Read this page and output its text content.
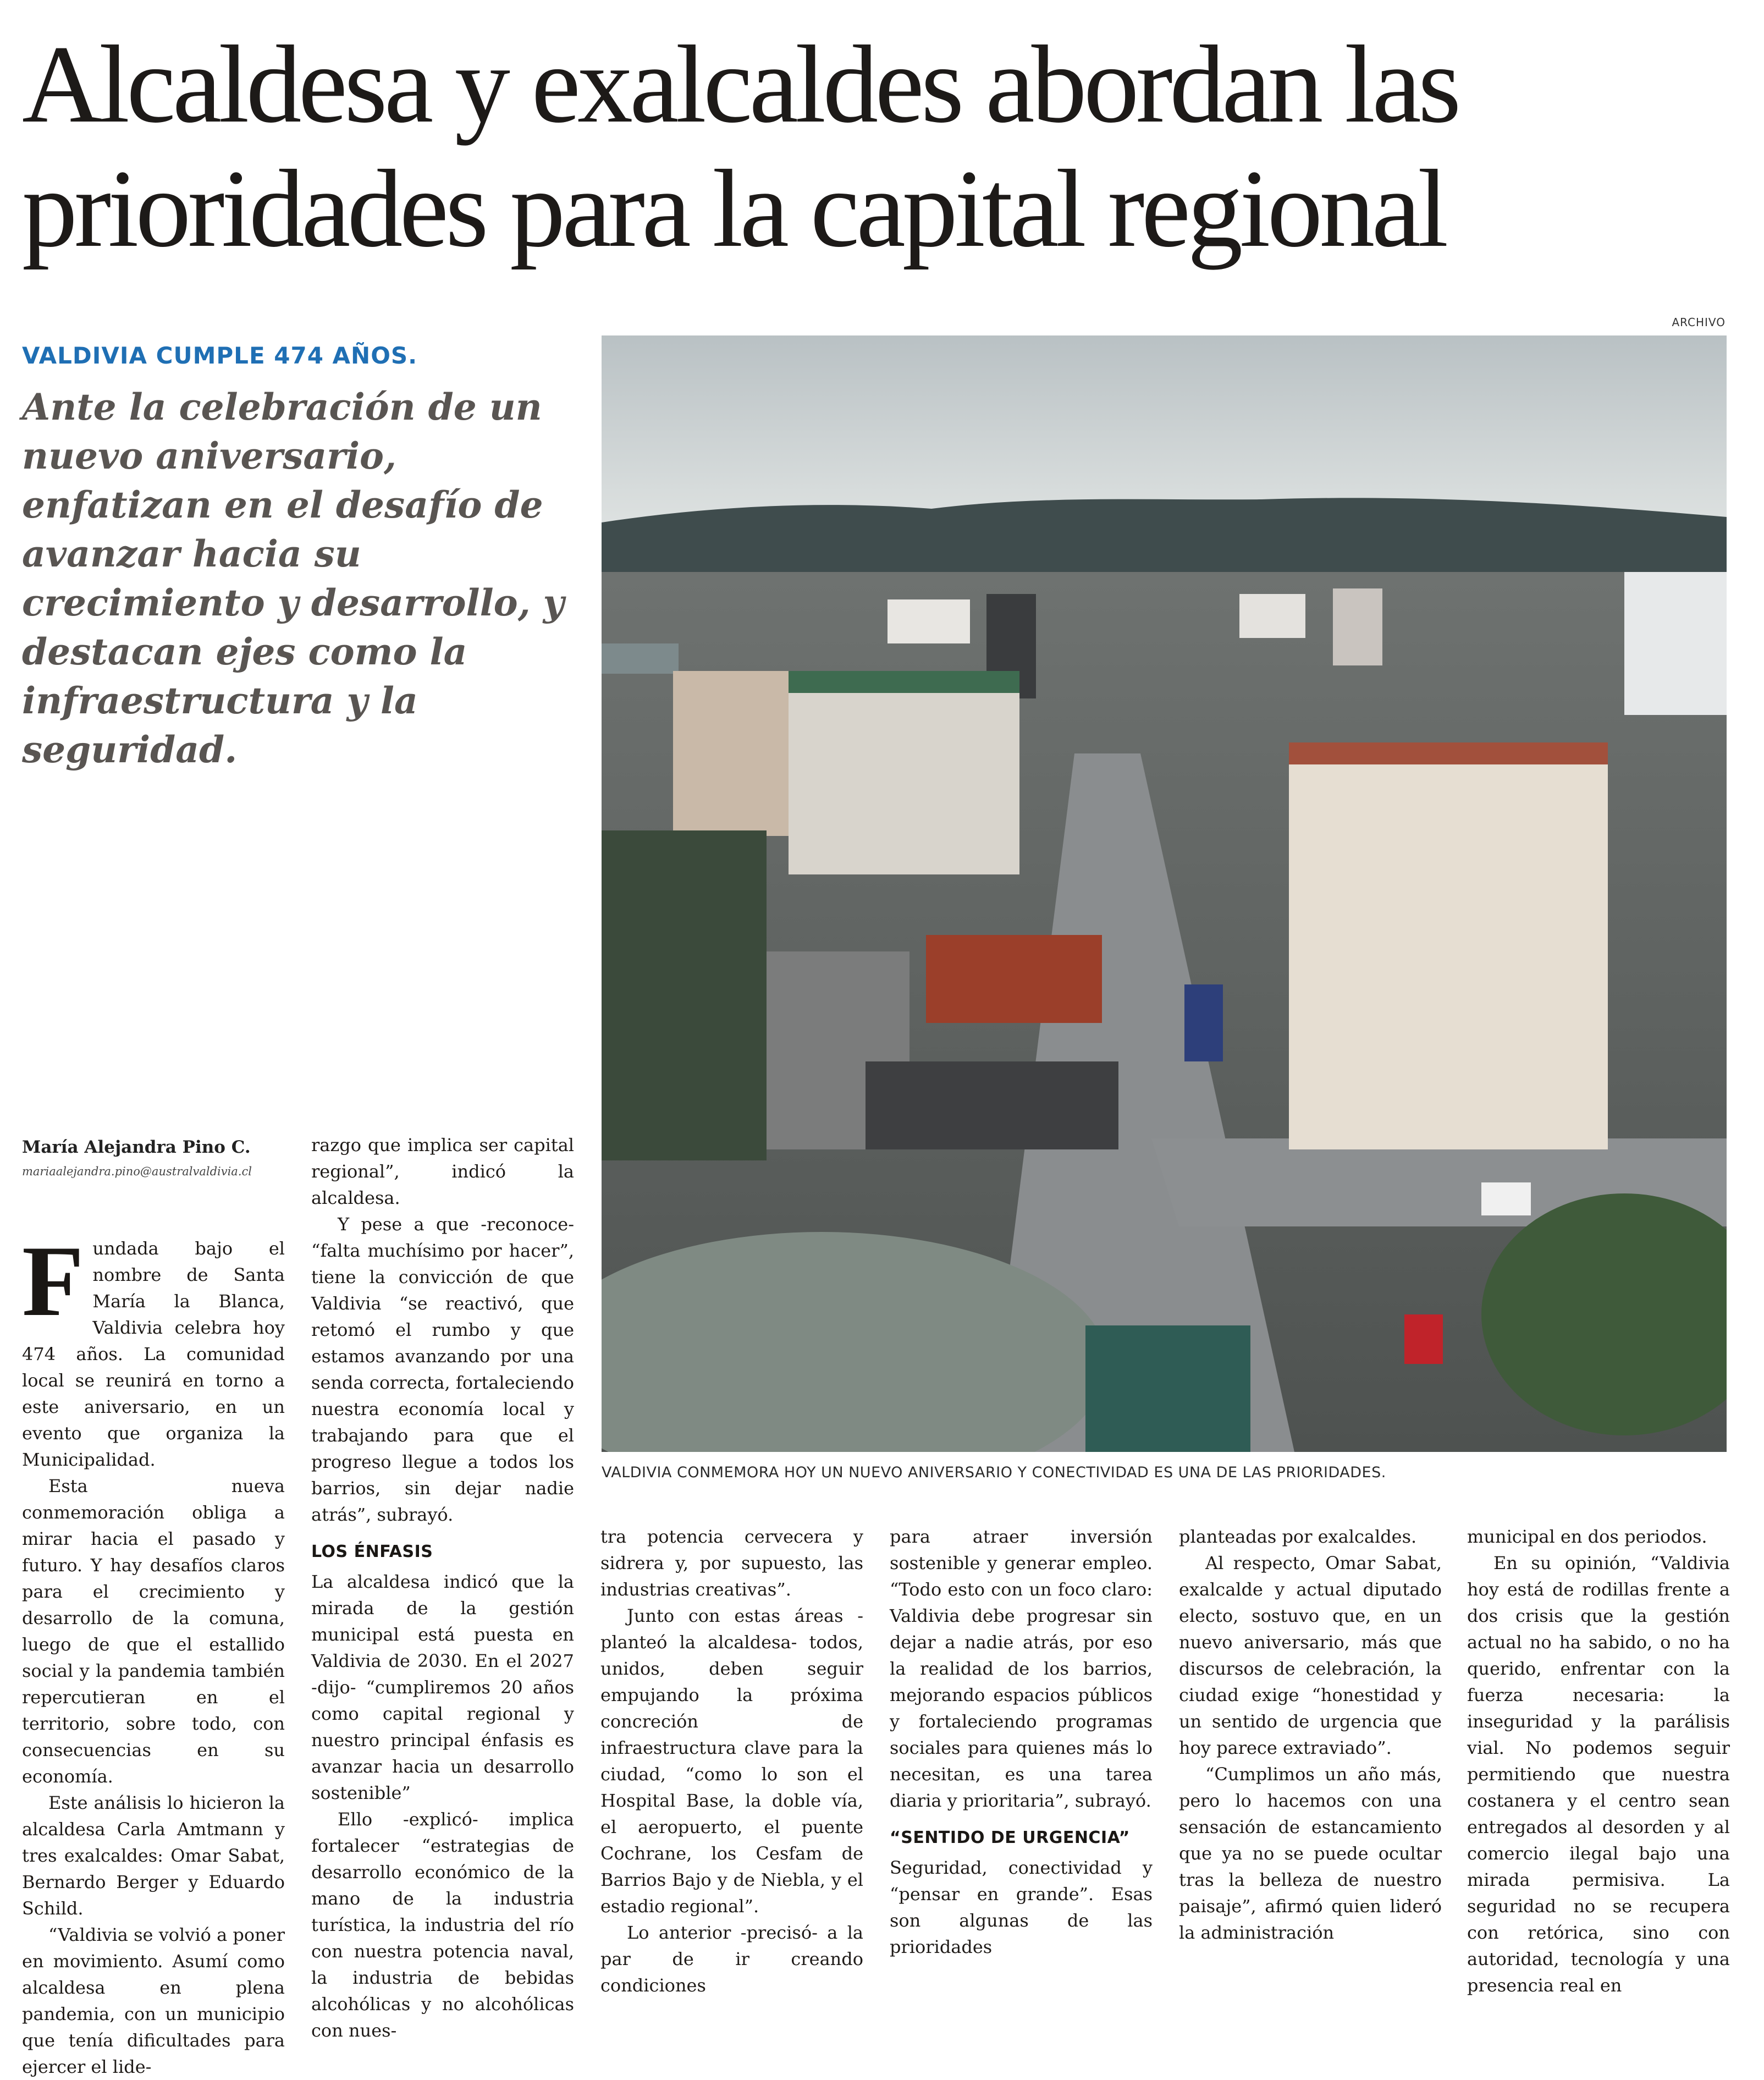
Alcaldesa y exalcaldes abordan las prioridades para la capital regional

VALDIVIA CUMPLE 474 AÑOS.

Ante la celebración de un nuevo aniversario, enfatizan en el desafío de avanzar hacia su crecimiento y desarrollo, y destacan ejes como la infraestructura y la seguridad.

ARCHIVO

VALDIVIA CONMEMORA HOY UN NUEVO ANIVERSARIO Y CONECTIVIDAD ES UNA DE LAS PRIORIDADES.

María Alejandra Pino C.

mariaalejandra.pino@australvaldivia.cl

Fundada bajo el nombre de Santa María la Blanca, Valdivia celebra hoy 474 años. La comunidad local se reunirá en torno a este aniversario, en un evento que organiza la Municipalidad.

Esta nueva conmemoración obliga a mirar hacia el pasado y futuro. Y hay desafíos claros para el crecimiento y desarrollo de la comuna, luego de que el estallido social y la pandemia también repercutieran en el territorio, sobre todo, con consecuencias en su economía.

Este análisis lo hicieron la alcaldesa Carla Amtmann y tres exalcaldes: Omar Sabat, Bernardo Berger y Eduardo Schild.

“Valdivia se volvió a poner en movimiento. Asumí como alcaldesa en plena pandemia, con un municipio que tenía dificultades para ejercer el lide-

razgo que implica ser capital regional”, indicó la alcaldesa.

Y pese a que -reconoce- “falta muchísimo por hacer”, tiene la convicción de que Valdivia “se reactivó, que retomó el rumbo y que estamos avanzando por una senda correcta, fortaleciendo nuestra economía local y trabajando para que el progreso llegue a todos los barrios, sin dejar nadie atrás”, subrayó.

LOS ÉNFASIS

La alcaldesa indicó que la mirada de la gestión municipal está puesta en Valdivia de 2030. En el 2027 -dijo- “cumpliremos 20 años como capital regional y nuestro principal énfasis es avanzar hacia un desarrollo sostenible”

Ello -explicó- implica fortalecer “estrategias de desarrollo económico de la mano de la industria turística, la industria del río con nuestra potencia naval, la industria de bebidas alcohólicas y no alcohólicas con nues-

tra potencia cervecera y sidrera y, por supuesto, las industrias creativas”.

Junto con estas áreas -planteó la alcaldesa- todos, unidos, deben seguir empujando la próxima concreción de infraestructura clave para la ciudad, “como lo son el Hospital Base, la doble vía, el aeropuerto, el puente Cochrane, los Cesfam de Barrios Bajo y de Niebla, y el estadio regional”.

Lo anterior -precisó- a la par de ir creando condiciones

para atraer inversión sostenible y generar empleo. “Todo esto con un foco claro: Valdivia debe progresar sin dejar a nadie atrás, por eso la realidad de los barrios, mejorando espacios públicos y fortaleciendo programas sociales para quienes más lo necesitan, es una tarea diaria y prioritaria”, subrayó.

“SENTIDO DE URGENCIA”

Seguridad, conectividad y “pensar en grande”. Esas son algunas de las prioridades

planteadas por exalcaldes.

Al respecto, Omar Sabat, exalcalde y actual diputado electo, sostuvo que, en un nuevo aniversario, más que discursos de celebración, la ciudad exige “honestidad y un sentido de urgencia que hoy parece extraviado”.

“Cumplimos un año más, pero lo hacemos con una sensación de estancamiento que ya no se puede ocultar tras la belleza de nuestro paisaje”, afirmó quien lideró la administración

municipal en dos periodos.

En su opinión, “Valdivia hoy está de rodillas frente a dos crisis que la gestión actual no ha sabido, o no ha querido, enfrentar con la fuerza necesaria: la inseguridad y la parálisis vial. No podemos seguir permitiendo que nuestra costanera y el centro sean entregados al desorden y al comercio ilegal bajo una mirada permisiva. La seguridad no se recupera con retórica, sino con autoridad, tecnología y una presencia real en
